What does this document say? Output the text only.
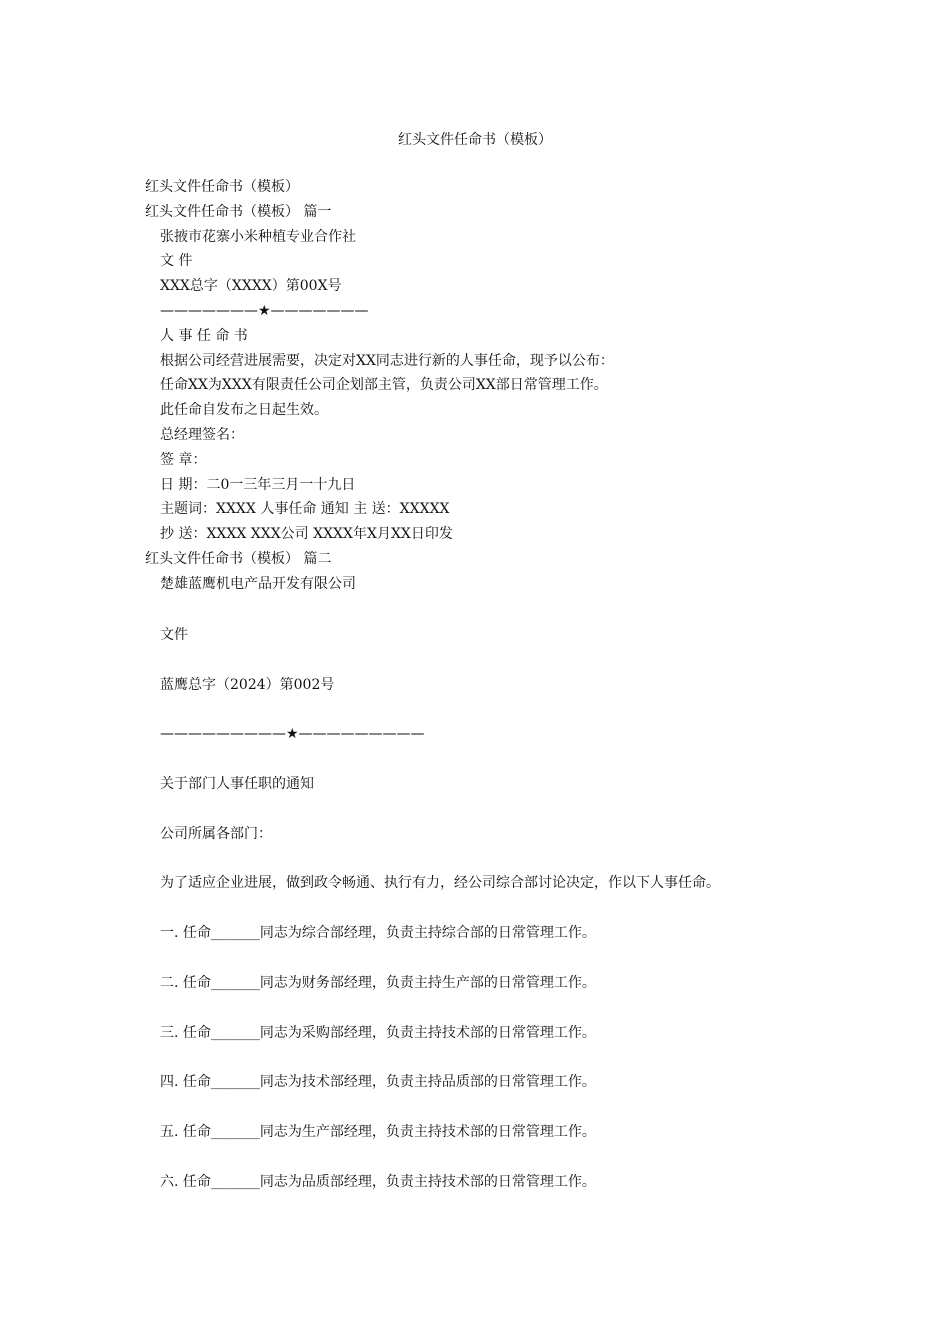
红头文件任命书（模板）
红头文件任命书（模板）
红头文件任命书（模板） 篇一
张掖市花寨小米种植专业合作社
文 件
XXX总字（XXXX）第00X号
———————★———————
人 事 任 命 书
根据公司经营进展需要，决定对XX同志进行新的人事任命，现予以公布：
任命XX为XXX有限责任公司企划部主管，负责公司XX部日常管理工作。
此任命自发布之日起生效。
总经理签名：
签 章：
日 期：二0一三年三月一十九日
主题词：XXXX 人事任命 通知 主 送：XXXXX
抄 送：XXXX XXX公司 XXXX年X月XX日印发
红头文件任命书（模板） 篇二
楚雄蓝鹰机电产品开发有限公司
文件
蓝鹰总字（2024）第002号
—————————★—————————
关于部门人事任职的通知
公司所属各部门：
为了适应企业进展，做到政令畅通、执行有力，经公司综合部讨论决定，作以下人事任命。
一. 任命_______同志为综合部经理，负责主持综合部的日常管理工作。
二. 任命_______同志为财务部经理，负责主持生产部的日常管理工作。
三. 任命_______同志为采购部经理，负责主持技术部的日常管理工作。
四. 任命_______同志为技术部经理，负责主持品质部的日常管理工作。
五. 任命_______同志为生产部经理，负责主持技术部的日常管理工作。
六. 任命_______同志为品质部经理，负责主持技术部的日常管理工作。
